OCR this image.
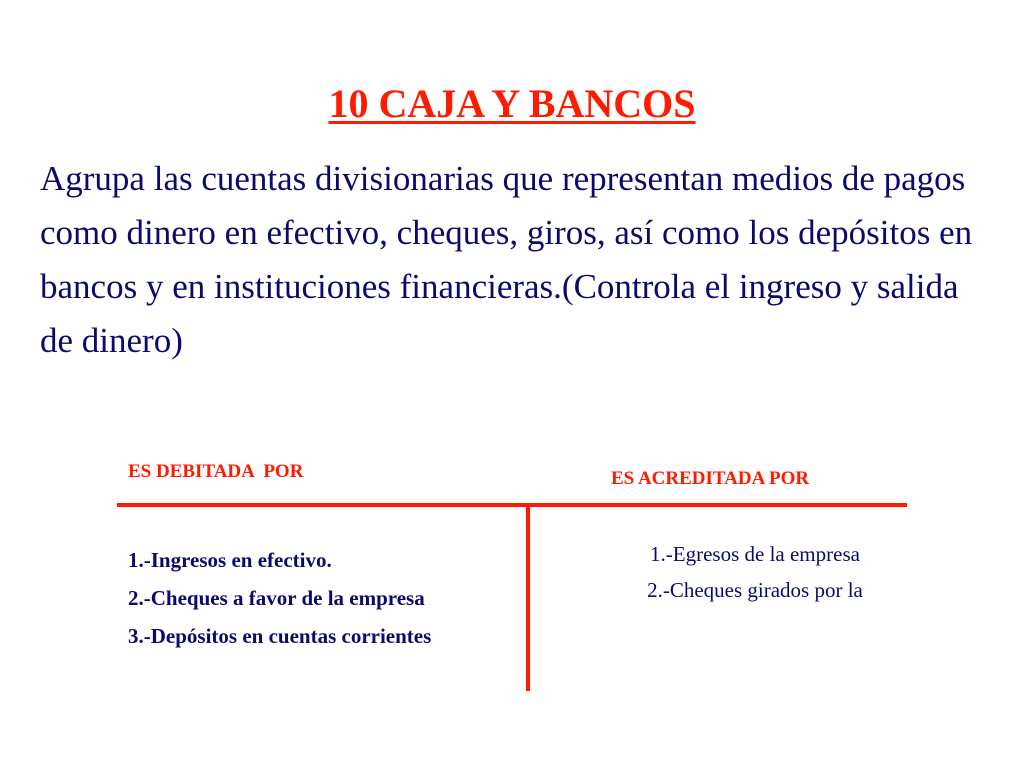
10 CAJA Y BANCOS
Agrupa las cuentas divisionarias que representan medios de pagos como dinero en efectivo, cheques, giros, así como los depósitos en bancos y en instituciones financieras.(Controla el ingreso y salida de dinero)
ES DEBITADA  POR	ES ACREDITADA POR
1.-Ingresos en efectivo.
2.-Cheques a favor de la empresa
3.-Depósitos en cuentas corrientes
1.-Egresos de la empresa
2.-Cheques girados por la
